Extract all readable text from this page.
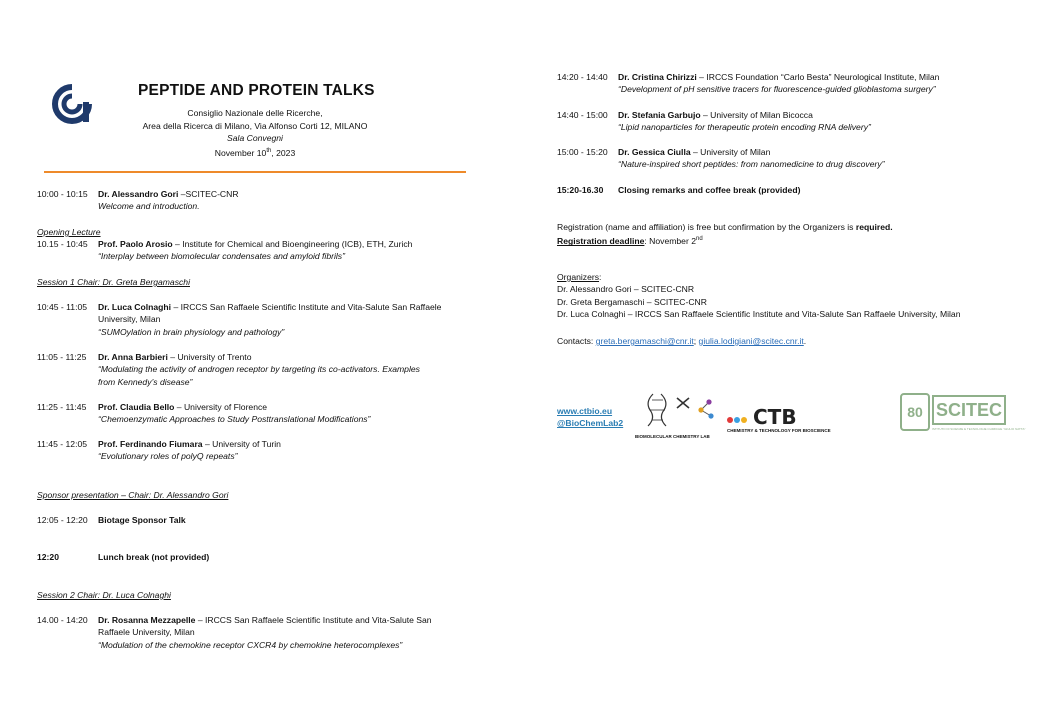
PEPTIDE AND PROTEIN TALKS
Consiglio Nazionale delle Ricerche,
Area della Ricerca di Milano, Via Alfonso Corti 12, MILANO
Sala Convegni
November 10th, 2023
10:00 - 10:15	Dr. Alessandro Gori –SCITEC-CNR
Welcome and introduction.
Opening Lecture
10.15 - 10:45	Prof. Paolo Arosio – Institute for Chemical and Bioengineering (ICB), ETH, Zurich
“Interplay between biomolecular condensates and amyloid fibrils”
Session 1 Chair: Dr. Greta Bergamaschi
10:45 - 11:05	Dr. Luca Colnaghi – IRCCS San Raffaele Scientific Institute and Vita-Salute San Raffaele
University, Milan
“SUMOylation in brain physiology and pathology”
11:05 - 11:25	Dr. Anna Barbieri – University of Trento
“Modulating the activity of androgen receptor by targeting its co-activators. Examples
from Kennedy’s disease”
11:25 - 11:45	Prof. Claudia Bello – University of Florence
“Chemoenzymatic Approaches to Study Posttranslational Modifications”
11:45 - 12:05	Prof. Ferdinando Fiumara – University of Turin
“Evolutionary roles of polyQ repeats”
Sponsor presentation – Chair: Dr. Alessandro Gori
12:05 - 12:20	Biotage Sponsor Talk
12:20	Lunch break (not provided)
Session 2 Chair: Dr. Luca Colnaghi
14.00 - 14:20	Dr. Rosanna Mezzapelle – IRCCS San Raffaele Scientific Institute and Vita-Salute San
Raffaele University, Milan
“Modulation of the chemokine receptor CXCR4 by chemokine heterocomplexes”
14:20 - 14:40	Dr. Cristina Chirizzi – IRCCS Foundation “Carlo Besta” Neurological Institute, Milan
“Development of pH sensitive tracers for fluorescence-guided glioblastoma surgery”
14:40 - 15:00	Dr. Stefania Garbujo – University of Milan Bicocca
“Lipid nanoparticles for therapeutic protein encoding RNA delivery”
15:00 - 15:20	Dr. Gessica Ciulla – University of Milan
“Nature-inspired short peptides: from nanomedicine to drug discovery”
15:20-16.30	Closing remarks and coffee break (provided)
Registration (name and affiliation) is free but confirmation by the Organizers is required.
Registration deadline: November 2nd
Organizers:
Dr. Alessandro Gori – SCITEC-CNR
Dr. Greta Bergamaschi – SCITEC-CNR
Dr. Luca Colnaghi – IRCCS San Raffaele Scientific Institute and Vita-Salute San Raffaele University, Milan
Contacts: greta.bergamaschi@cnr.it; giulia.lodigiani@scitec.cnr.it.
www.ctbio.eu
@BioChemLab2
BIOMOLECULAR CHEMISTRY LAB
CTB
CHEMISTRY & TECHNOLOGY FOR BIOSCIENCE
80 SCITEC
ISTITUTO DI SCIENZE E TECNOLOGIE CHIMICHE “GIULIO NATTA”
